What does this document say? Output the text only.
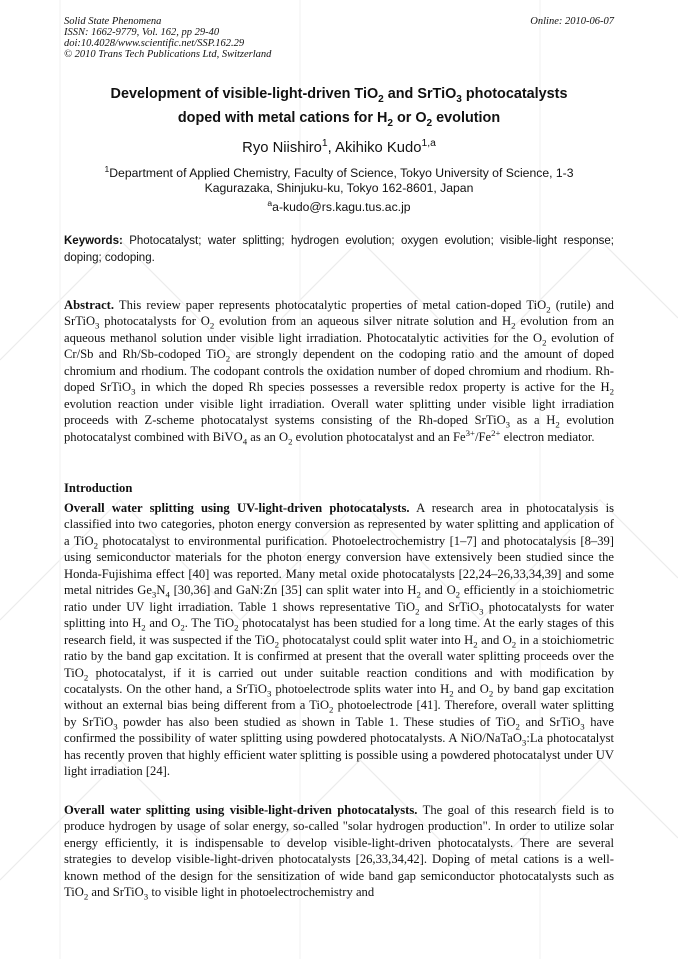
Solid State Phenomena
ISSN: 1662-9779, Vol. 162, pp 29-40
doi:10.4028/www.scientific.net/SSP.162.29
© 2010 Trans Tech Publications Ltd, Switzerland
Online: 2010-06-07
Development of visible-light-driven TiO$_2$ and SrTiO$_3$ photocatalysts
doped with metal cations for $H_2$ or $O_2$ evolution
Ryo Niishiro$^1$, Akihiko Kudo$^{1,a}$
$^1$Department of Applied Chemistry, Faculty of Science, Tokyo University of Science, 1-3 Kagurazaka, Shinjuku-ku, Tokyo 162-8601, Japan
$^a$a-kudo@rs.kagu.tus.ac.jp
Keywords: Photocatalyst; water splitting; hydrogen evolution; oxygen evolution; visible-light response; doping; codoping.
Abstract. This review paper represents photocatalytic properties of metal cation-doped TiO$_2$ (rutile) and SrTiO$_3$ photocatalysts for $O_2$ evolution from an aqueous silver nitrate solution and $H_2$ evolution from an aqueous methanol solution under visible light irradiation. Photocatalytic activities for the $O_2$ evolution of Cr/Sb and Rh/Sb-codoped TiO$_2$ are strongly dependent on the codoping ratio and the amount of doped chromium and rhodium. The codopant controls the oxidation number of doped chromium and rhodium. Rh-doped SrTiO$_3$ in which the doped Rh species possesses a reversible redox property is active for the $H_2$ evolution reaction under visible light irradiation. Overall water splitting under visible light irradiation proceeds with Z-scheme photocatalyst systems consisting of the Rh-doped SrTiO$_3$ as a $H_2$ evolution photocatalyst combined with BiVO$_4$ as an $O_2$ evolution photocatalyst and an $Fe^{3+}/Fe^{2+}$ electron mediator.
Introduction
Overall water splitting using UV-light-driven photocatalysts. A research area in photocatalysis is classified into two categories, photon energy conversion as represented by water splitting and application of a TiO$_2$ photocatalyst to environmental purification. Photoelectrochemistry [1–7] and photocatalysis [8–39] using semiconductor materials for the photon energy conversion have extensively been studied since the Honda-Fujishima effect [40] was reported. Many metal oxide photocatalysts [22,24–26,33,34,39] and some metal nitrides $Ge_3N_4$ [30,36] and GaN:Zn [35] can split water into $H_2$ and $O_2$ efficiently in a stoichiometric ratio under UV light irradiation. Table 1 shows representative TiO$_2$ and SrTiO$_3$ photocatalysts for water splitting into $H_2$ and $O_2$. The TiO$_2$ photocatalyst has been studied for a long time. At the early stages of this research field, it was suspected if the TiO$_2$ photocatalyst could split water into $H_2$ and $O_2$ in a stoichiometric ratio by the band gap excitation. It is confirmed at present that the overall water splitting proceeds over the TiO$_2$ photocatalyst, if it is carried out under suitable reaction conditions and with modification by cocatalysts. On the other hand, a SrTiO$_3$ photoelectrode splits water into $H_2$ and $O_2$ by band gap excitation without an external bias being different from a TiO$_2$ photoelectrode [41]. Therefore, overall water splitting by SrTiO$_3$ powder has also been studied as shown in Table 1. These studies of TiO$_2$ and SrTiO$_3$ have confirmed the possibility of water splitting using powdered photocatalysts. A NiO/NaTaO$_3$:La photocatalyst has recently proven that highly efficient water splitting is possible using a powdered photocatalyst under UV light irradiation [24].
Overall water splitting using visible-light-driven photocatalysts. The goal of this research field is to produce hydrogen by usage of solar energy, so-called "solar hydrogen production". In order to utilize solar energy efficiently, it is indispensable to develop visible-light-driven photocatalysts. There are several strategies to develop visible-light-driven photocatalysts [26,33,34,42]. Doping of metal cations is a well-known method of the design for the sensitization of wide band gap semiconductor photocatalysts such as TiO$_2$ and SrTiO$_3$ to visible light in photoelectrochemistry and
